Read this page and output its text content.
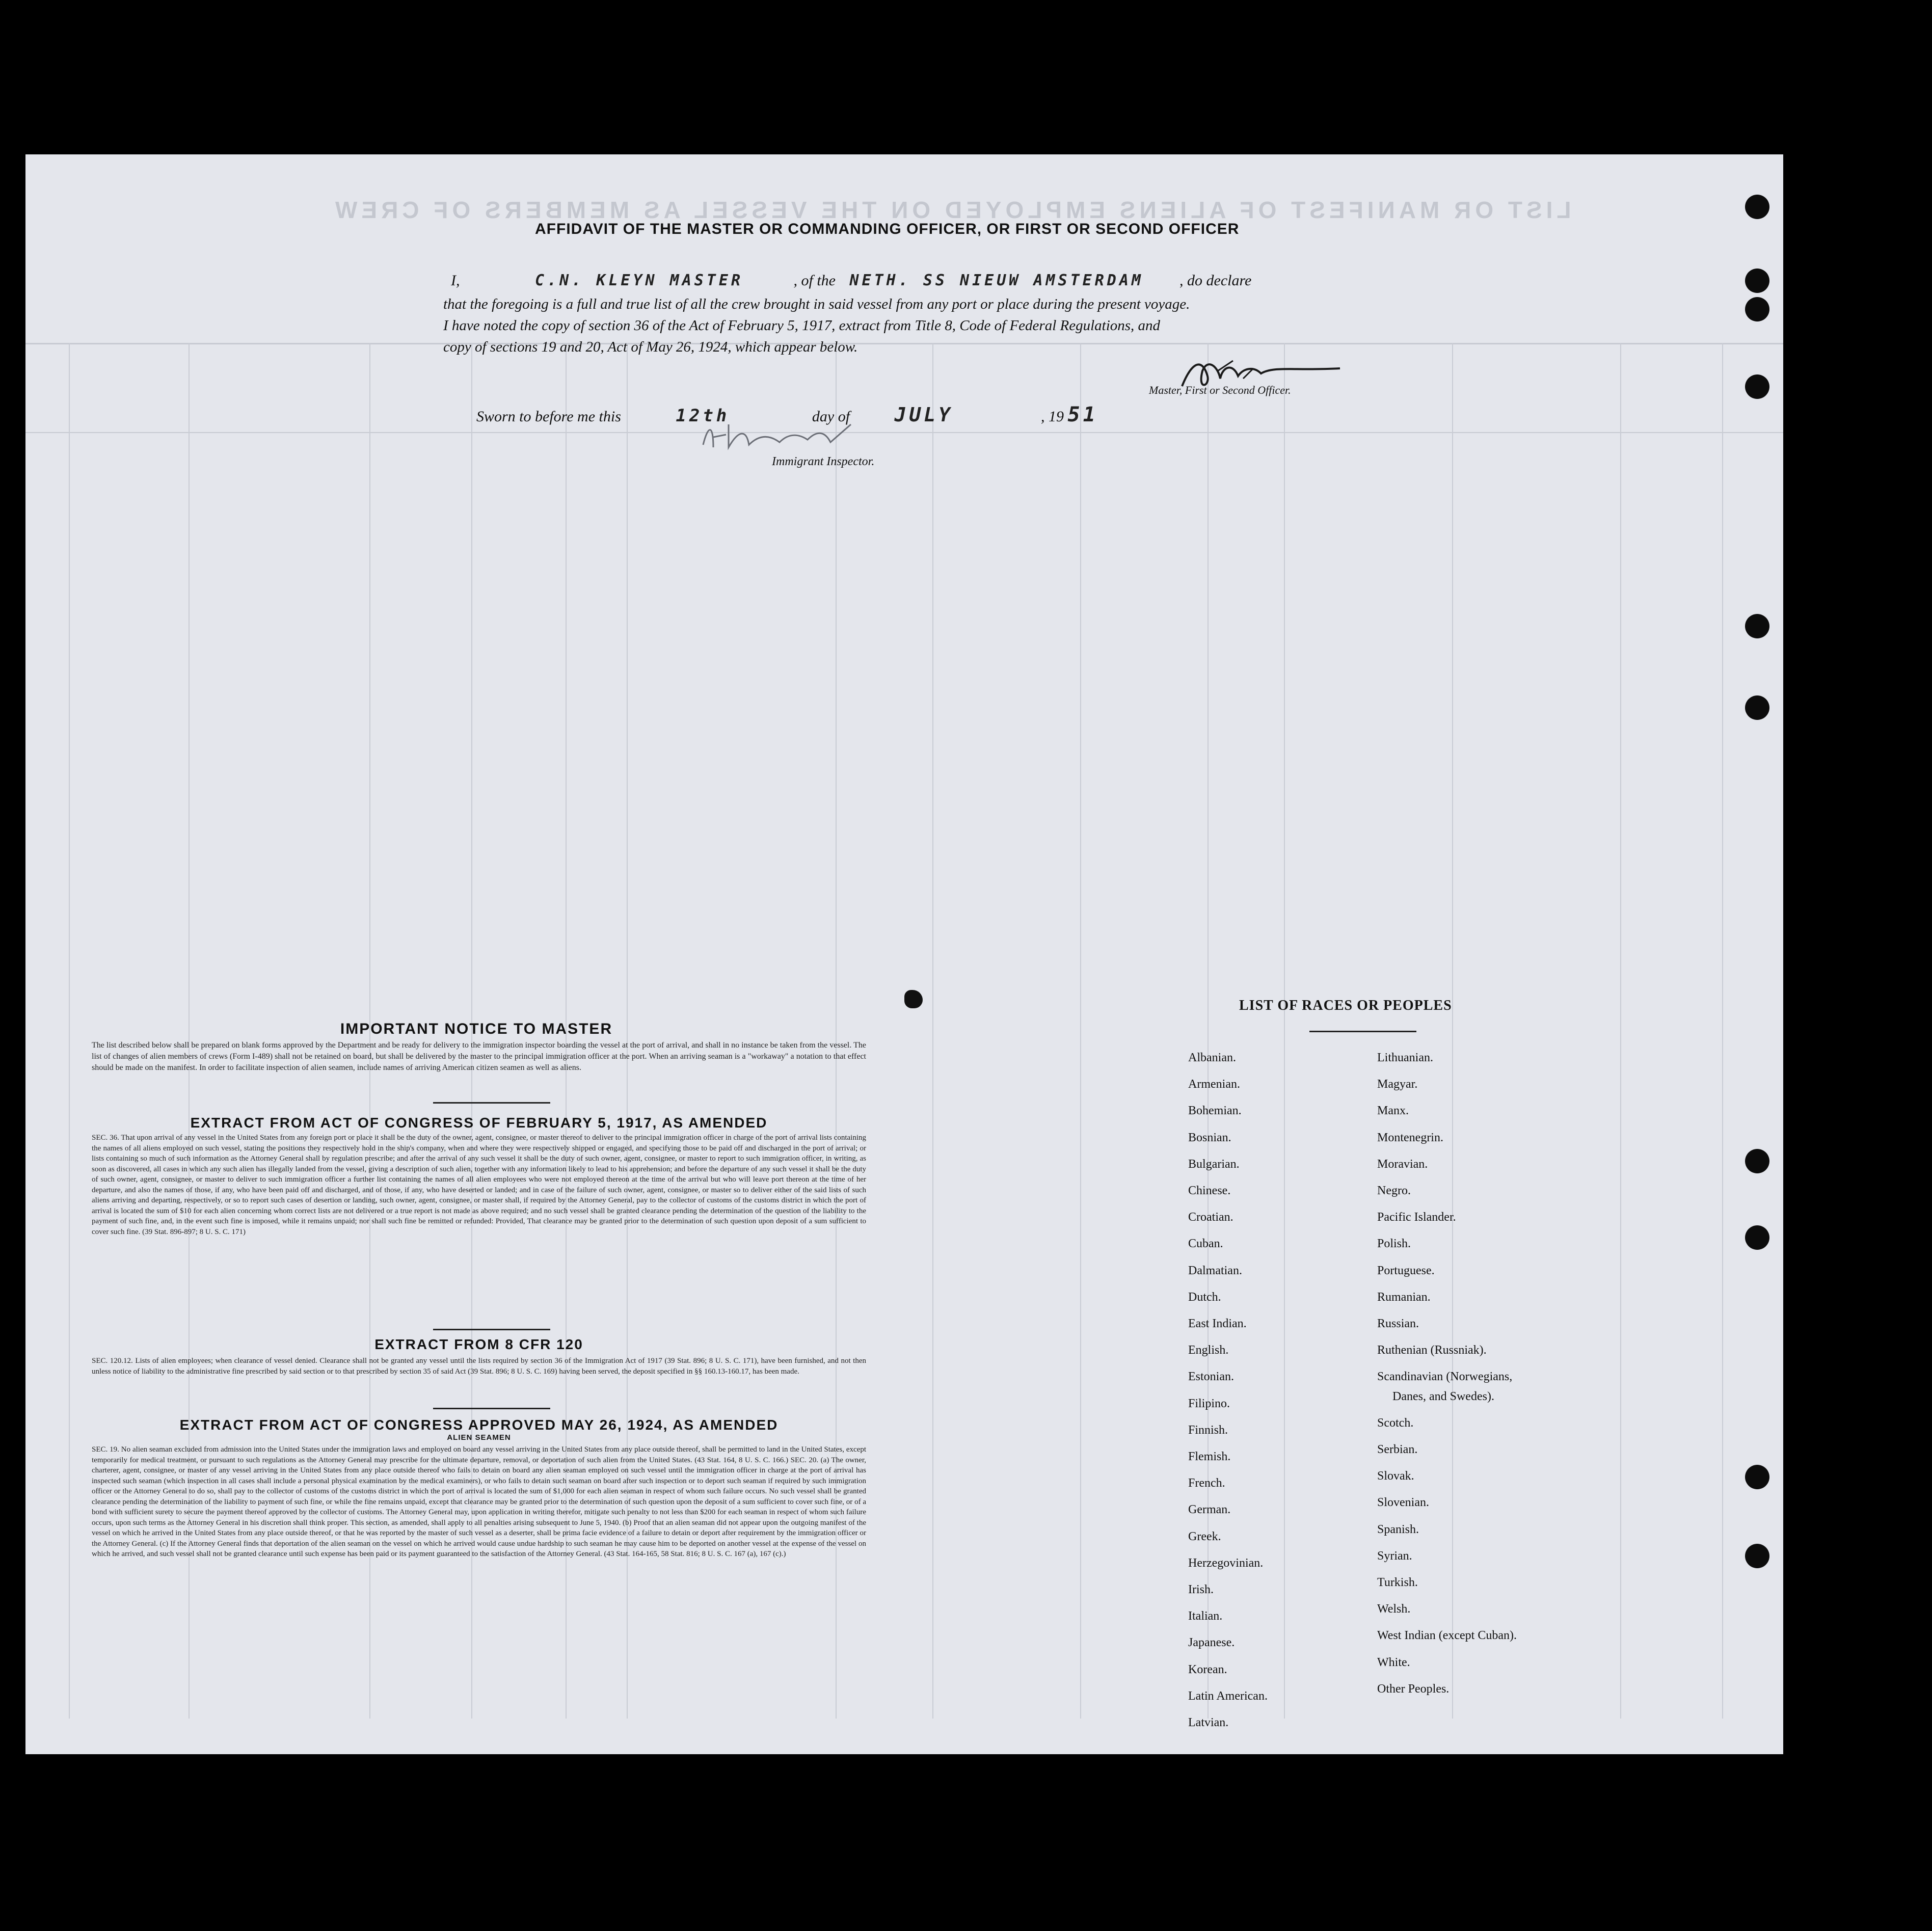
LIST OR MANIFEST OF ALIENS EMPLOYED ON THE VESSEL AS MEMBERS OF CREW
AFFIDAVIT OF THE MASTER OR COMMANDING OFFICER, OR FIRST OR SECOND OFFICER
I,	C.N. KLEYN MASTER	, of the NETH. SS NIEUW AMSTERDAM , do declare
that the foregoing is a full and true list of all the crew brought in said vessel from any port or place during the present voyage.
I have noted the copy of section 36 of the Act of February 5, 1917, extract from Title 8, Code of Federal Regulations, and
copy of sections 19 and 20, Act of May 26, 1924, which appear below.
Master, First or Second Officer.
Sworn to before me this	12th	day of JULY	, 19 51
Immigrant Inspector.
IMPORTANT NOTICE TO MASTER
The list described below shall be prepared on blank forms approved by the Department and be ready for delivery to the immigration inspector boarding the vessel at the port of arrival, and shall in no instance be taken from the vessel. The list of changes of alien members of crews (Form I-489) shall not be retained on board, but shall be delivered by the master to the principal immigration officer at the port. When an arriving seaman is a "workaway" a notation to that effect should be made on the manifest. In order to facilitate inspection of alien seamen, include names of arriving American citizen seamen as well as aliens.
EXTRACT FROM ACT OF CONGRESS OF FEBRUARY 5, 1917, AS AMENDED
SEC. 36. That upon arrival of any vessel in the United States from any foreign port or place it shall be the duty of the owner, agent, consignee, or master thereof to deliver to the principal immigration officer in charge of the port of arrival lists containing the names of all aliens employed on such vessel, stating the positions they respectively hold in the ship's company, when and where they were respectively shipped or engaged, and specifying those to be paid off and discharged in the port of arrival; or lists containing so much of such information as the Attorney General shall by regulation prescribe; and after the arrival of any such vessel it shall be the duty of such owner, agent, consignee, or master to report to such immigration officer, in writing, as soon as discovered, all cases in which any such alien has illegally landed from the vessel, giving a description of such alien, together with any information likely to lead to his apprehension; and before the departure of any such vessel it shall be the duty of such owner, agent, consignee, or master to deliver to such immigration officer a further list containing the names of all alien employees who were not employed thereon at the time of the arrival but who will leave port thereon at the time of her departure, and also the names of those, if any, who have been paid off and discharged, and of those, if any, who have deserted or landed; and in case of the failure of such owner, agent, consignee, or master so to deliver either of the said lists of such aliens arriving and departing, respectively, or so to report such cases of desertion or landing, such owner, agent, consignee, or master shall, if required by the Attorney General, pay to the collector of customs of the customs district in which the port of arrival is located the sum of $10 for each alien concerning whom correct lists are not delivered or a true report is not made as above required; and no such vessel shall be granted clearance pending the determination of the question of the liability to the payment of such fine, and, in the event such fine is imposed, while it remains unpaid; nor shall such fine be remitted or refunded: Provided, That clearance may be granted prior to the determination of such question upon deposit of a sum sufficient to cover such fine. (39 Stat. 896-897; 8 U. S. C. 171)
EXTRACT FROM 8 CFR 120
SEC. 120.12. Lists of alien employees; when clearance of vessel denied. Clearance shall not be granted any vessel until the lists required by section 36 of the Immigration Act of 1917 (39 Stat. 896; 8 U. S. C. 171), have been furnished, and not then unless notice of liability to the administrative fine prescribed by said section or to that prescribed by section 35 of said Act (39 Stat. 896; 8 U. S. C. 169) having been served, the deposit specified in §§ 160.13-160.17, has been made.
EXTRACT FROM ACT OF CONGRESS APPROVED MAY 26, 1924, AS AMENDED
ALIEN SEAMEN
SEC. 19. No alien seaman excluded from admission into the United States under the immigration laws and employed on board any vessel arriving in the United States from any place outside thereof, shall be permitted to land in the United States, except temporarily for medical treatment, or pursuant to such regulations as the Attorney General may prescribe for the ultimate departure, removal, or deportation of such alien from the United States. (43 Stat. 164, 8 U. S. C. 166.) SEC. 20. (a) The owner, charterer, agent, consignee, or master of any vessel arriving in the United States from any place outside thereof who fails to detain on board any alien seaman employed on such vessel until the immigration officer in charge at the port of arrival has inspected such seaman (which inspection in all cases shall include a personal physical examination by the medical examiners), or who fails to detain such seaman on board after such inspection or to deport such seaman if required by such immigration officer or the Attorney General to do so, shall pay to the collector of customs of the customs district in which the port of arrival is located the sum of $1,000 for each alien seaman in respect of whom such failure occurs. No such vessel shall be granted clearance pending the determination of the liability to payment of such fine, or while the fine remains unpaid, except that clearance may be granted prior to the determination of such question upon the deposit of a sum sufficient to cover such fine, or of a bond with sufficient surety to secure the payment thereof approved by the collector of customs. The Attorney General may, upon application in writing therefor, mitigate such penalty to not less than $200 for each seaman in respect of whom such failure occurs, upon such terms as the Attorney General in his discretion shall think proper. This section, as amended, shall apply to all penalties arising subsequent to June 5, 1940. (b) Proof that an alien seaman did not appear upon the outgoing manifest of the vessel on which he arrived in the United States from any place outside thereof, or that he was reported by the master of such vessel as a deserter, shall be prima facie evidence of a failure to detain or deport after requirement by the immigration officer or the Attorney General. (c) If the Attorney General finds that deportation of the alien seaman on the vessel on which he arrived would cause undue hardship to such seaman he may cause him to be deported on another vessel at the expense of the vessel on which he arrived, and such vessel shall not be granted clearance until such expense has been paid or its payment guaranteed to the satisfaction of the Attorney General. (43 Stat. 164-165, 58 Stat. 816; 8 U. S. C. 167 (a), 167 (c).)
LIST OF RACES OR PEOPLES
Albanian.
Armenian.
Bohemian.
Bosnian.
Bulgarian.
Chinese.
Croatian.
Cuban.
Dalmatian.
Dutch.
East Indian.
English.
Estonian.
Filipino.
Finnish.
Flemish.
French.
German.
Greek.
Herzegovinian.
Irish.
Italian.
Japanese.
Korean.
Latin American.
Latvian.
Lithuanian.
Magyar.
Manx.
Montenegrin.
Moravian.
Negro.
Pacific Islander.
Polish.
Portuguese.
Rumanian.
Russian.
Ruthenian (Russniak).
Scandinavian (Norwegians,
Danes, and Swedes).
Scotch.
Serbian.
Slovak.
Slovenian.
Spanish.
Syrian.
Turkish.
Welsh.
West Indian (except Cuban).
White.
Other Peoples.
